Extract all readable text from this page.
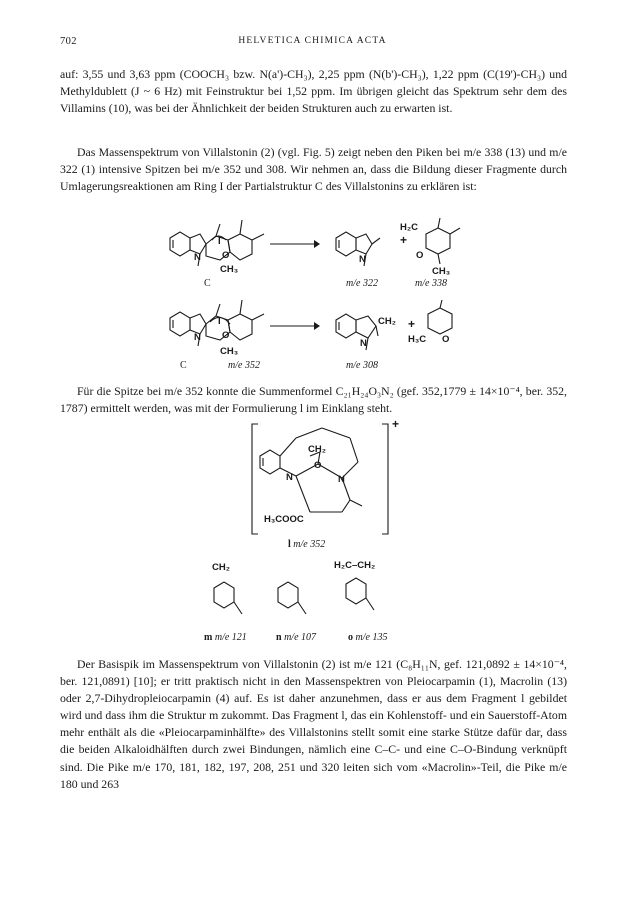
702	HELVETICA CHIMICA ACTA
auf: 3,55 und 3,63 ppm (COOCH₃ bzw. N(a')-CH₃), 2,25 ppm (N(b')-CH₃), 1,22 ppm (C(19')-CH₃) und Methyldublett (J ~ 6 Hz) mit Feinstruktur bei 1,52 ppm. Im übrigen gleicht das Spektrum sehr dem des Villamins (10), was bei der Ähnlichkeit der beiden Strukturen auch zu erwarten ist.
Das Massenspektrum von Villalstonin (2) (vgl. Fig. 5) zeigt neben den Piken bei m/e 338 (13) und m/e 322 (1) intensive Spitzen bei m/e 352 und 308. Wir nehmen an, dass die Bildung dieser Fragmente durch Umlagerungsreaktionen am Ring I der Partialstruktur C des Villalstonins zu erklären ist:
N O
I
CH₃
C
N
m/e 322
H₂C
+
O
CH₃
m/e 338
N O
I
CH₃
C	m/e 352
CH₂
N
+
H₃C O
m/e 308
Für die Spitze bei m/e 352 konnte die Summenformel C₂₁H₂₄O₃N₂ (gef. 352,1779 ± 14×10⁻⁴, ber. 352, 1787) ermittelt werden, was mit der Formulierung l im Einklang steht.
+
CH₂
N
O
N
H₃COOC
l m/e 352
CH₂	H₂C–CH₂
m m/e 121	n m/e 107	o m/e 135
Der Basispik im Massenspektrum von Villalstonin (2) ist m/e 121 (C₈H₁₁N, gef. 121,0892 ± 14×10⁻⁴, ber. 121,0891) [10]; er tritt praktisch nicht in den Massenspektren von Pleiocarpamin (1), Macrolin (13) oder 2,7-Dihydropleiocarpamin (4) auf. Es ist daher anzunehmen, dass er aus dem Fragment l gebildet wird und dass ihm die Struktur m zukommt. Das Fragment l, das ein Kohlenstoff- und ein Sauerstoff-Atom mehr enthält als die «Pleiocarpaminhälfte» des Villalstonins stellt somit eine starke Stütze dafür dar, dass die beiden Alkaloidhälften durch zwei Bindungen, nämlich eine C–C- und eine C–O-Bindung verknüpft sind. Die Pike m/e 170, 181, 182, 197, 208, 251 und 320 leiten sich vom «Macrolin»-Teil, die Pike m/e 180 und 263
